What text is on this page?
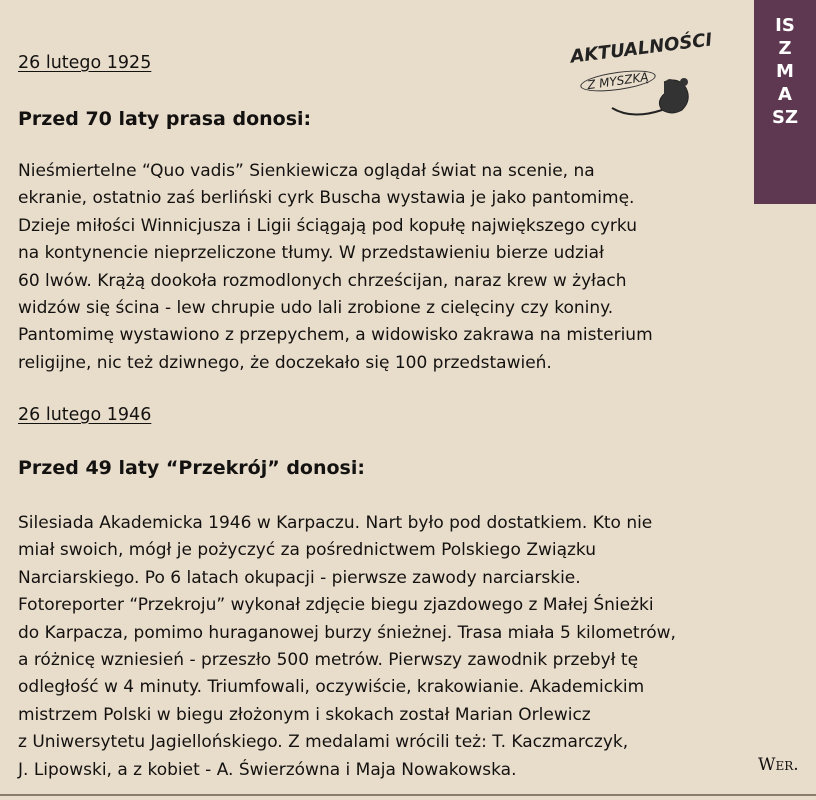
ISZMASZ
AKTUALNOŚCI
Z MYSZKĄ
26 lutego 1925
Przed 70 laty prasa donosi:
Nieśmiertelne “Quo vadis” Sienkiewicza oglądał świat na scenie, na
ekranie, ostatnio zaś berliński cyrk Buscha wystawia je jako pantomimę.
Dzieje miłości Winnicjusza i Ligii ściągają pod kopułę największego cyrku
na kontynencie nieprzeliczone tłumy. W przedstawieniu bierze udział
60 lwów. Krążą dookoła rozmodlonych chrześcijan, naraz krew w żyłach
widzów się ścina - lew chrupie udo lali zrobione z cielęciny czy koniny.
Pantomimę wystawiono z przepychem, a widowisko zakrawa na misterium
religijne, nic też dziwnego, że doczekało się 100 przedstawień.
26 lutego 1946
Przed 49 laty “Przekrój” donosi:
Silesiada Akademicka 1946 w Karpaczu. Nart było pod dostatkiem. Kto nie
miał swoich, mógł je pożyczyć za pośrednictwem Polskiego Związku
Narciarskiego. Po 6 latach okupacji - pierwsze zawody narciarskie.
Fotoreporter “Przekroju” wykonał zdjęcie biegu zjazdowego z Małej Śnieżki
do Karpacza, pomimo huraganowej burzy śnieżnej. Trasa miała 5 kilometrów,
a różnicę wzniesień - przeszło 500 metrów. Pierwszy zawodnik przebył tę
odległość w 4 minuty. Triumfowali, oczywiście, krakowianie. Akademickim
mistrzem Polski w biegu złożonym i skokach został Marian Orlewicz
z Uniwersytetu Jagiellońskiego. Z medalami wrócili też: T. Kaczmarczyk,
J. Lipowski, a z kobiet - A. Świerzówna i Maja Nowakowska.	Wer.
